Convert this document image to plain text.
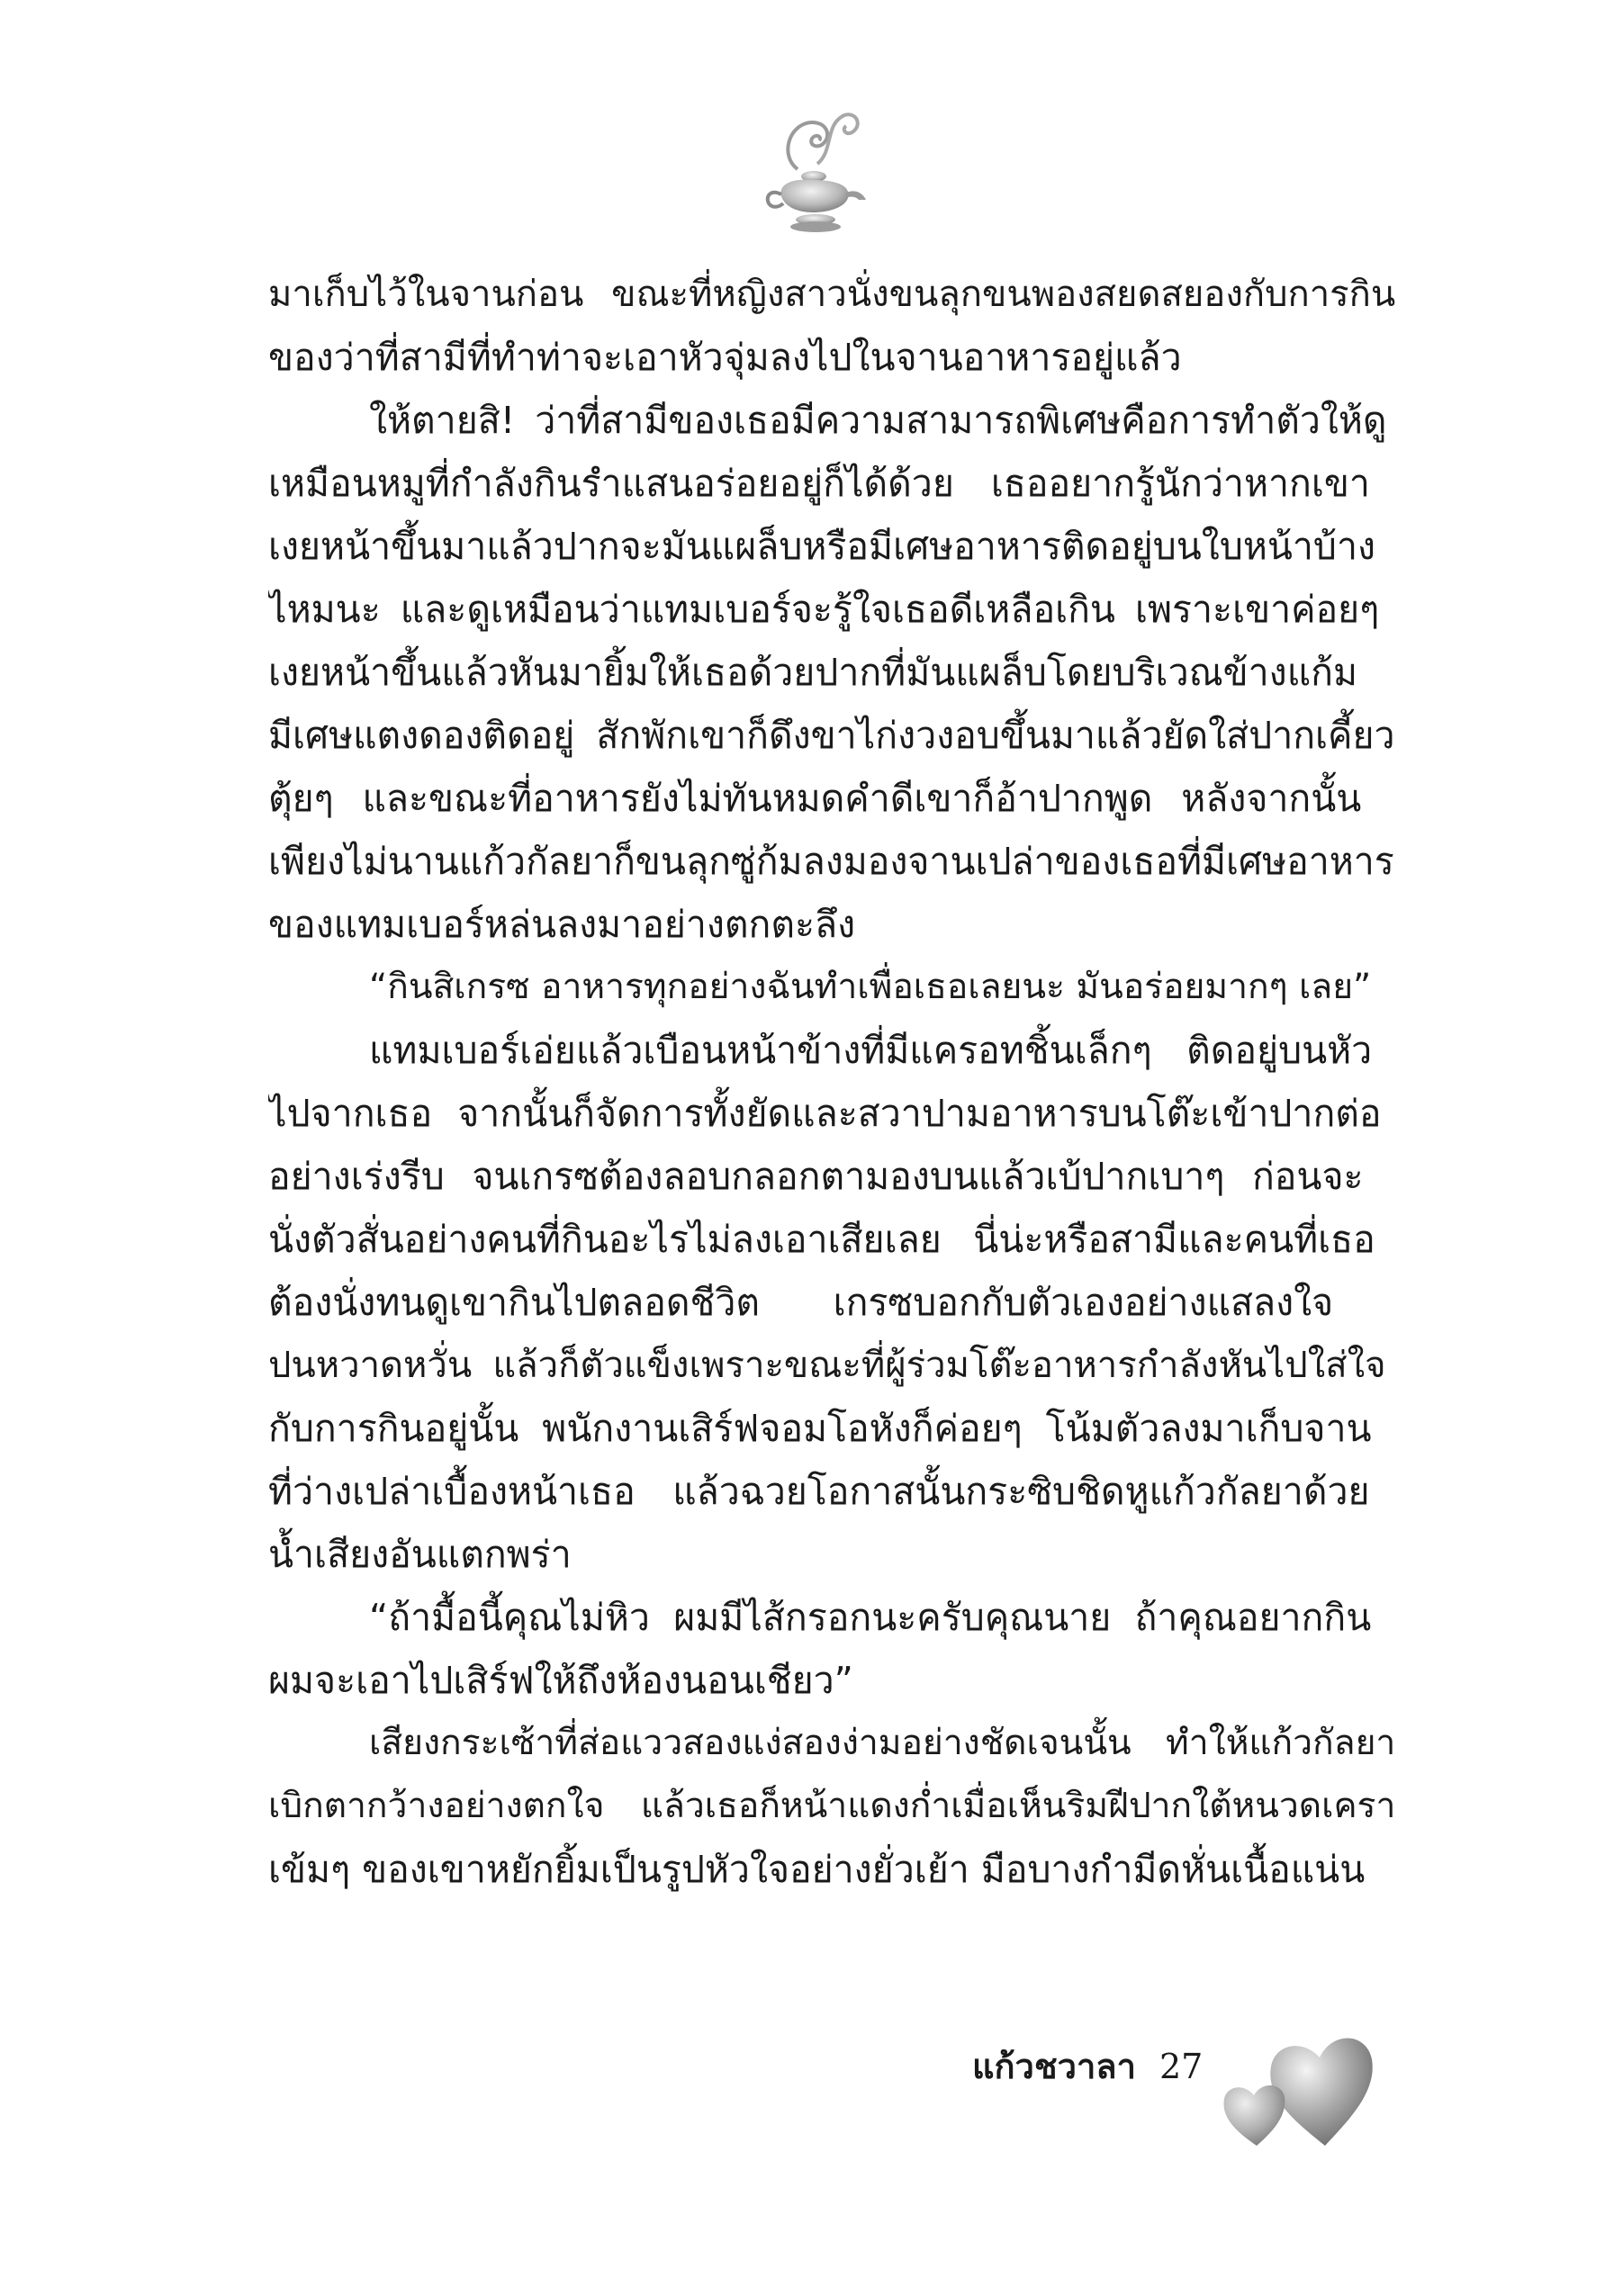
มาเก็บไว้ในจานก่อน ขณะที่หญิงสาวนั่งขนลุกขนพองสยดสยองกับการกิน
ของว่าที่สามีที่ทำท่าจะเอาหัวจุ่มลงไปในจานอาหารอยู่แล้ว
ให้ตายสิ! ว่าที่สามีของเธอมีความสามารถพิเศษคือการทำตัวให้ดู
เหมือนหมูที่กำลังกินรำแสนอร่อยอยู่ก็ได้ด้วย เธออยากรู้นักว่าหากเขา
เงยหน้าขึ้นมาแล้วปากจะมันแผล็บหรือมีเศษอาหารติดอยู่บนใบหน้าบ้าง
ไหมนะ และดูเหมือนว่าแทมเบอร์จะรู้ใจเธอดีเหลือเกิน เพราะเขาค่อยๆ
เงยหน้าขึ้นแล้วหันมายิ้มให้เธอด้วยปากที่มันแผล็บโดยบริเวณข้างแก้ม
มีเศษแตงดองติดอยู่ สักพักเขาก็ดึงขาไก่งวงอบขึ้นมาแล้วยัดใส่ปากเคี้ยว
ตุ้ยๆ และขณะที่อาหารยังไม่ทันหมดคำดีเขาก็อ้าปากพูด หลังจากนั้น
เพียงไม่นานแก้วกัลยาก็ขนลุกซู่ก้มลงมองจานเปล่าของเธอที่มีเศษอาหาร
ของแทมเบอร์หล่นลงมาอย่างตกตะลึง
“กินสิเกรซ อาหารทุกอย่างฉันทำเพื่อเธอเลยนะ มันอร่อยมากๆ เลย”
แทมเบอร์เอ่ยแล้วเบือนหน้าข้างที่มีแครอทชิ้นเล็กๆ ติดอยู่บนหัว
ไปจากเธอ จากนั้นก็จัดการทั้งยัดและสวาปามอาหารบนโต๊ะเข้าปากต่อ
อย่างเร่งรีบ จนเกรซต้องลอบกลอกตามองบนแล้วเบ้ปากเบาๆ ก่อนจะ
นั่งตัวสั่นอย่างคนที่กินอะไรไม่ลงเอาเสียเลย นี่น่ะหรือสามีและคนที่เธอ
ต้องนั่งทนดูเขากินไปตลอดชีวิต เกรซบอกกับตัวเองอย่างแสลงใจ
ปนหวาดหวั่น แล้วก็ตัวแข็งเพราะขณะที่ผู้ร่วมโต๊ะอาหารกำลังหันไปใส่ใจ
กับการกินอยู่นั้น พนักงานเสิร์ฟจอมโอหังก็ค่อยๆ โน้มตัวลงมาเก็บจาน
ที่ว่างเปล่าเบื้องหน้าเธอ แล้วฉวยโอกาสนั้นกระซิบชิดหูแก้วกัลยาด้วย
น้ำเสียงอันแตกพร่า
“ถ้ามื้อนี้คุณไม่หิว ผมมีไส้กรอกนะครับคุณนาย ถ้าคุณอยากกิน
ผมจะเอาไปเสิร์ฟให้ถึงห้องนอนเชียว”
เสียงกระเซ้าที่ส่อแววสองแง่สองง่ามอย่างชัดเจนนั้น ทำให้แก้วกัลยา
เบิกตากว้างอย่างตกใจ แล้วเธอก็หน้าแดงก่ำเมื่อเห็นริมฝีปากใต้หนวดเครา
เข้มๆ ของเขาหยักยิ้มเป็นรูปหัวใจอย่างยั่วเย้า มือบางกำมีดหั่นเนื้อแน่น
แก้วชวาลา 27
